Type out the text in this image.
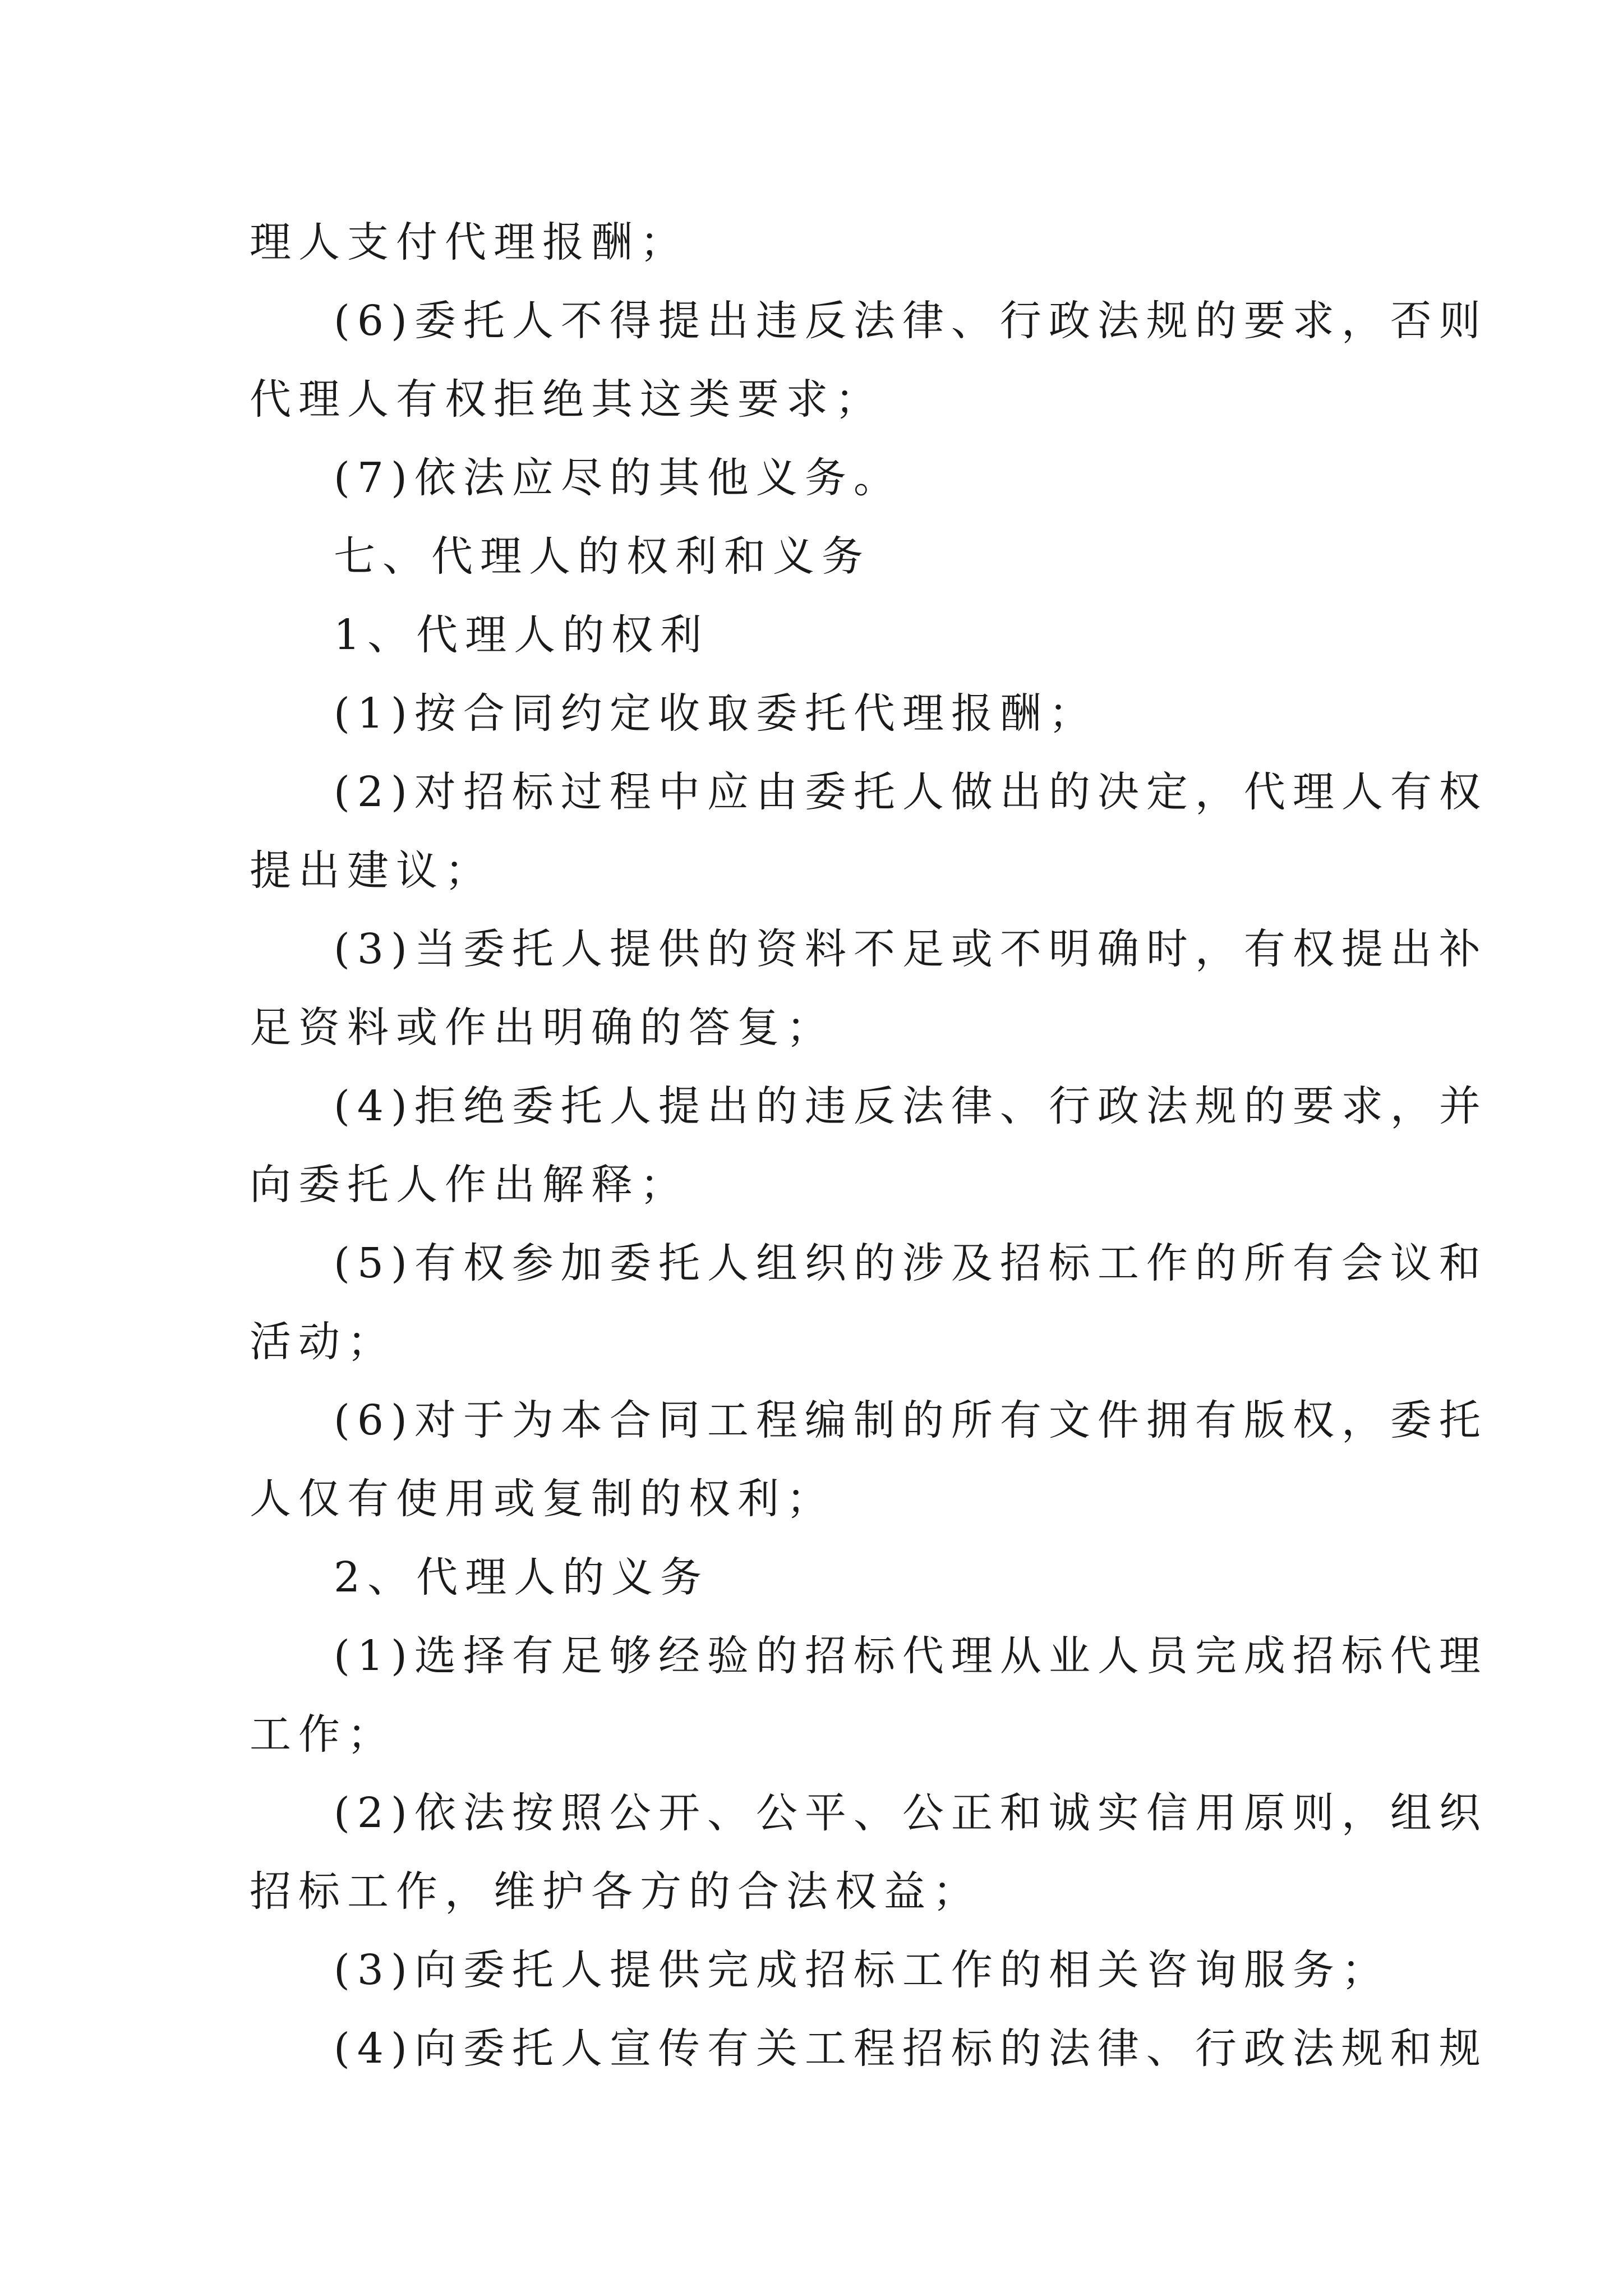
理人支付代理报酬；

(6)委托人不得提出违反法律、行政法规的要求，否则

代理人有权拒绝其这类要求；

(7)依法应尽的其他义务。

七、代理人的权利和义务

1、代理人的权利

(1)按合同约定收取委托代理报酬；

(2)对招标过程中应由委托人做出的决定，代理人有权

提出建议；

(3)当委托人提供的资料不足或不明确时，有权提出补

足资料或作出明确的答复；

(4)拒绝委托人提出的违反法律、行政法规的要求，并

向委托人作出解释；

(5)有权参加委托人组织的涉及招标工作的所有会议和

活动；

(6)对于为本合同工程编制的所有文件拥有版权，委托

人仅有使用或复制的权利；

2、代理人的义务

(1)选择有足够经验的招标代理从业人员完成招标代理

工作；

(2)依法按照公开、公平、公正和诚实信用原则，组织

招标工作，维护各方的合法权益；

(3)向委托人提供完成招标工作的相关咨询服务；

(4)向委托人宣传有关工程招标的法律、行政法规和规
